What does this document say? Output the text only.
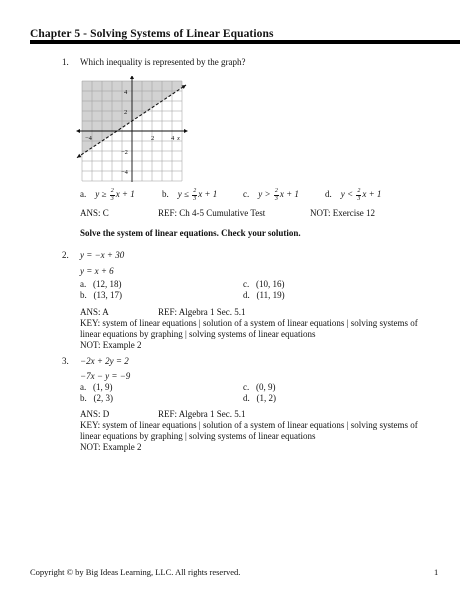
Chapter 5 - Solving Systems of Linear Equations
1. Which inequality is represented by the graph?
−4	2	4 x
4
2
−2
−4
a. $y \ge \frac{2}{3}$ x + 1	b. $y \le \frac{2}{3}$ x + 1	c. $y > \frac{2}{3}$ x + 1	d. $y < \frac{2}{3}$ x + 1
ANS: C	REF: Ch 4-5 Cumulative Test	NOT: Exercise 12
Solve the system of linear equations. Check your solution.
2. y = −x + 30
y = x + 6
a. (12, 18)
b. (13, 17)
c. (10, 16)
d. (11, 19)
ANS: A	REF: Algebra 1 Sec. 5.1
KEY: system of linear equations | solution of a system of linear equations | solving systems of linear equations by graphing | solving systems of linear equations
NOT: Example 2
3. −2x + 2y = 2
−7x − y = −9
a. (1, 9)
b. (2, 3)
c. (0, 9)
d. (1, 2)
ANS: D	REF: Algebra 1 Sec. 5.1
KEY: system of linear equations | solution of a system of linear equations | solving systems of linear equations by graphing | solving systems of linear equations
NOT: Example 2
Copyright © by Big Ideas Learning, LLC. All rights reserved.	1
